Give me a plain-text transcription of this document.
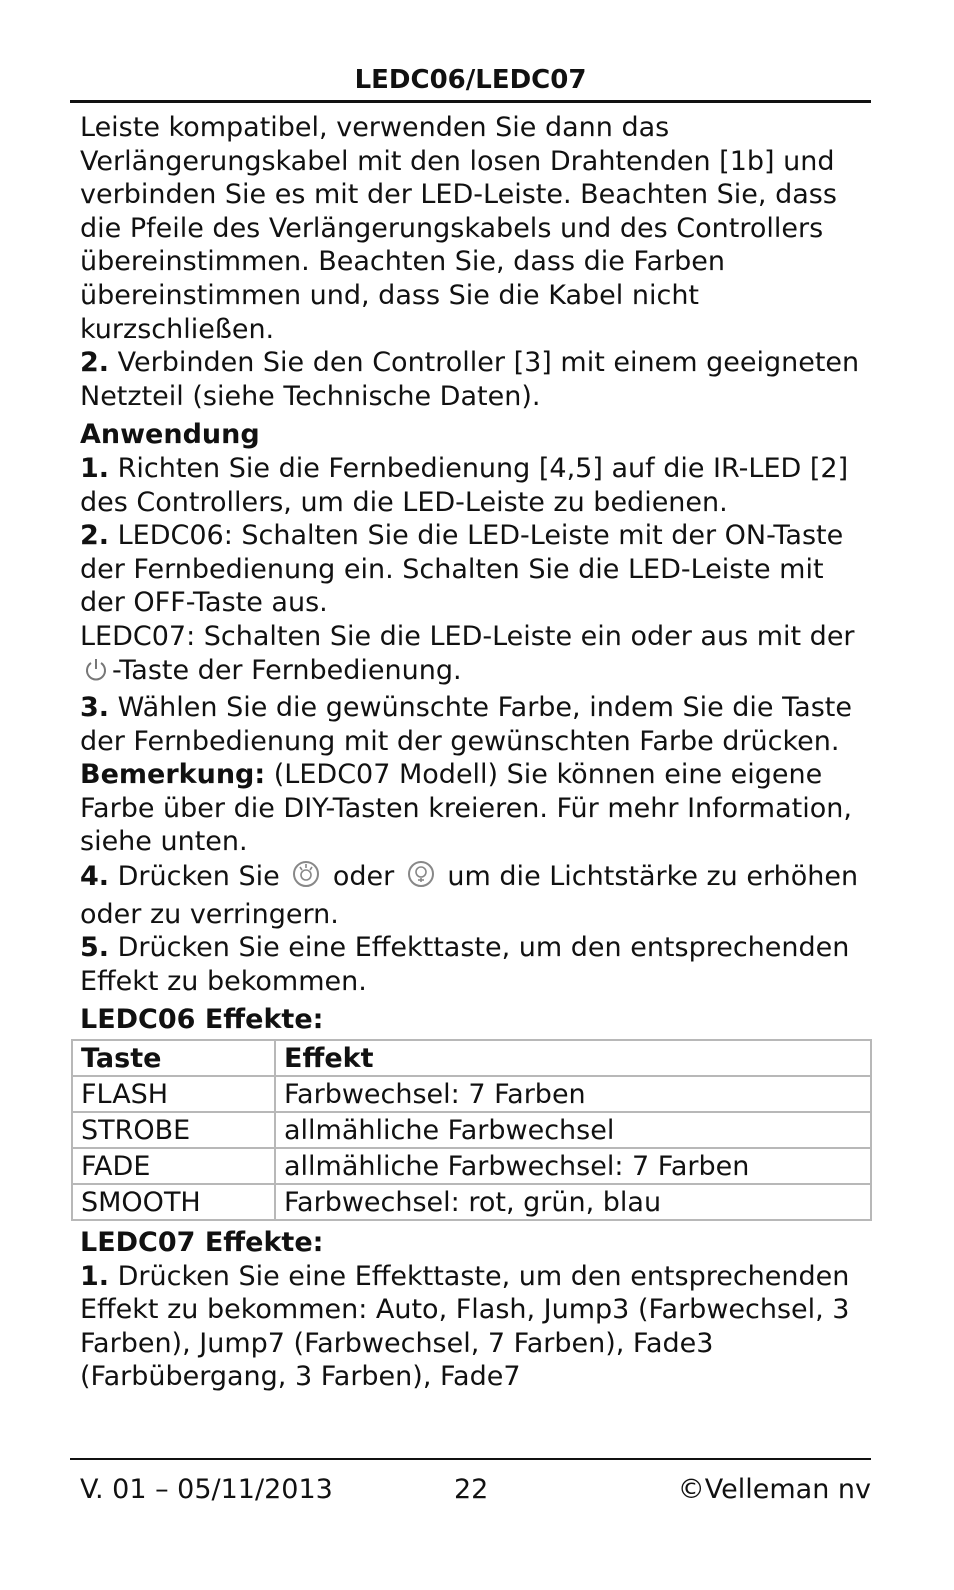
LEDC06/LEDC07

Leiste kompatibel, verwenden Sie dann das Verlängerungskabel mit den losen Drahtenden [1b] und verbinden Sie es mit der LED-Leiste. Beachten Sie, dass die Pfeile des Verlängerungskabels und des Controllers übereinstimmen. Beachten Sie, dass die Farben übereinstimmen und, dass Sie die Kabel nicht kurzschließen.

2. Verbinden Sie den Controller [3] mit einem geeigneten Netzteil (siehe Technische Daten).

Anwendung

1. Richten Sie die Fernbedienung [4,5] auf die IR-LED [2] des Controllers, um die LED-Leiste zu bedienen.

2. LEDC06: Schalten Sie die LED-Leiste mit der ON-Taste der Fernbedienung ein. Schalten Sie die LED-Leiste mit der OFF-Taste aus.

LEDC07: Schalten Sie die LED-Leiste ein oder aus mit der -Taste der Fernbedienung.

3. Wählen Sie die gewünschte Farbe, indem Sie die Taste der Fernbedienung mit der gewünschten Farbe drücken.

Bemerkung: (LEDC07 Modell) Sie können eine eigene Farbe über die DIY-Tasten kreieren. Für mehr Information, siehe unten.

4. Drücken Sie  oder  um die Lichtstärke zu erhöhen oder zu verringern.

5. Drücken Sie eine Effekttaste, um den entsprechenden Effekt zu bekommen.

LEDC06 Effekte:

Taste	Effekt
FLASH	Farbwechsel: 7 Farben
STROBE	allmähliche Farbwechsel
FADE	allmähliche Farbwechsel: 7 Farben
SMOOTH	Farbwechsel: rot, grün, blau

LEDC07 Effekte:

1. Drücken Sie eine Effekttaste, um den entsprechenden Effekt zu bekommen: Auto, Flash, Jump3 (Farbwechsel, 3 Farben), Jump7 (Farbwechsel, 7 Farben), Fade3 (Farbübergang, 3 Farben), Fade7

V. 01 – 05/11/2013	22	©Velleman nv
